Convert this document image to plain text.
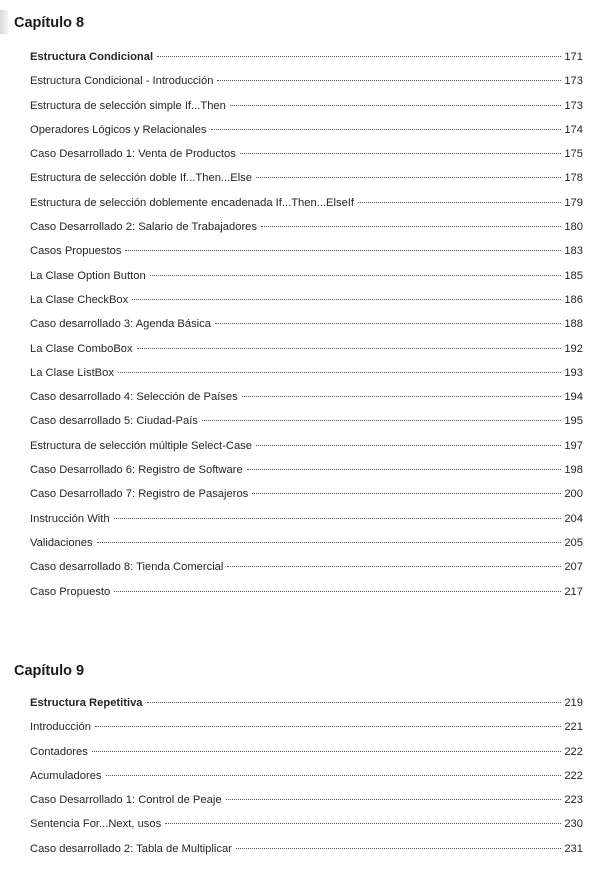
Capítulo 8
Estructura Condicional	171
Estructura Condicional - Introducción	173
Estructura de selección simple If...Then	173
Operadores Lógicos y Relacionales	174
Caso Desarrollado 1: Venta de Productos	175
Estructura de selección doble If...Then...Else	178
Estructura de selección doblemente encadenada If...Then...ElseIf	179
Caso Desarrollado 2: Salario de Trabajadores	180
Casos Propuestos	183
La Clase Option Button	185
La Clase CheckBox	186
Caso desarrollado 3: Agenda Básica	188
La Clase ComboBox	192
La Clase ListBox	193
Caso desarrollado 4: Selección de Países	194
Caso desarrollado 5: Ciudad-País	195
Estructura de selección múltiple Select-Case	197
Caso Desarrollado 6: Registro de Software	198
Caso Desarrollado 7: Registro de Pasajeros	200
Instrucción With	204
Validaciones	205
Caso desarrollado 8: Tienda Comercial	207
Caso Propuesto	217
Capítulo 9
Estructura Repetitiva	219
Introducción	221
Contadores	222
Acumuladores	222
Caso Desarrollado 1: Control de Peaje	223
Sentencia For...Next, usos	230
Caso desarrollado 2: Tabla de Multiplicar	231
